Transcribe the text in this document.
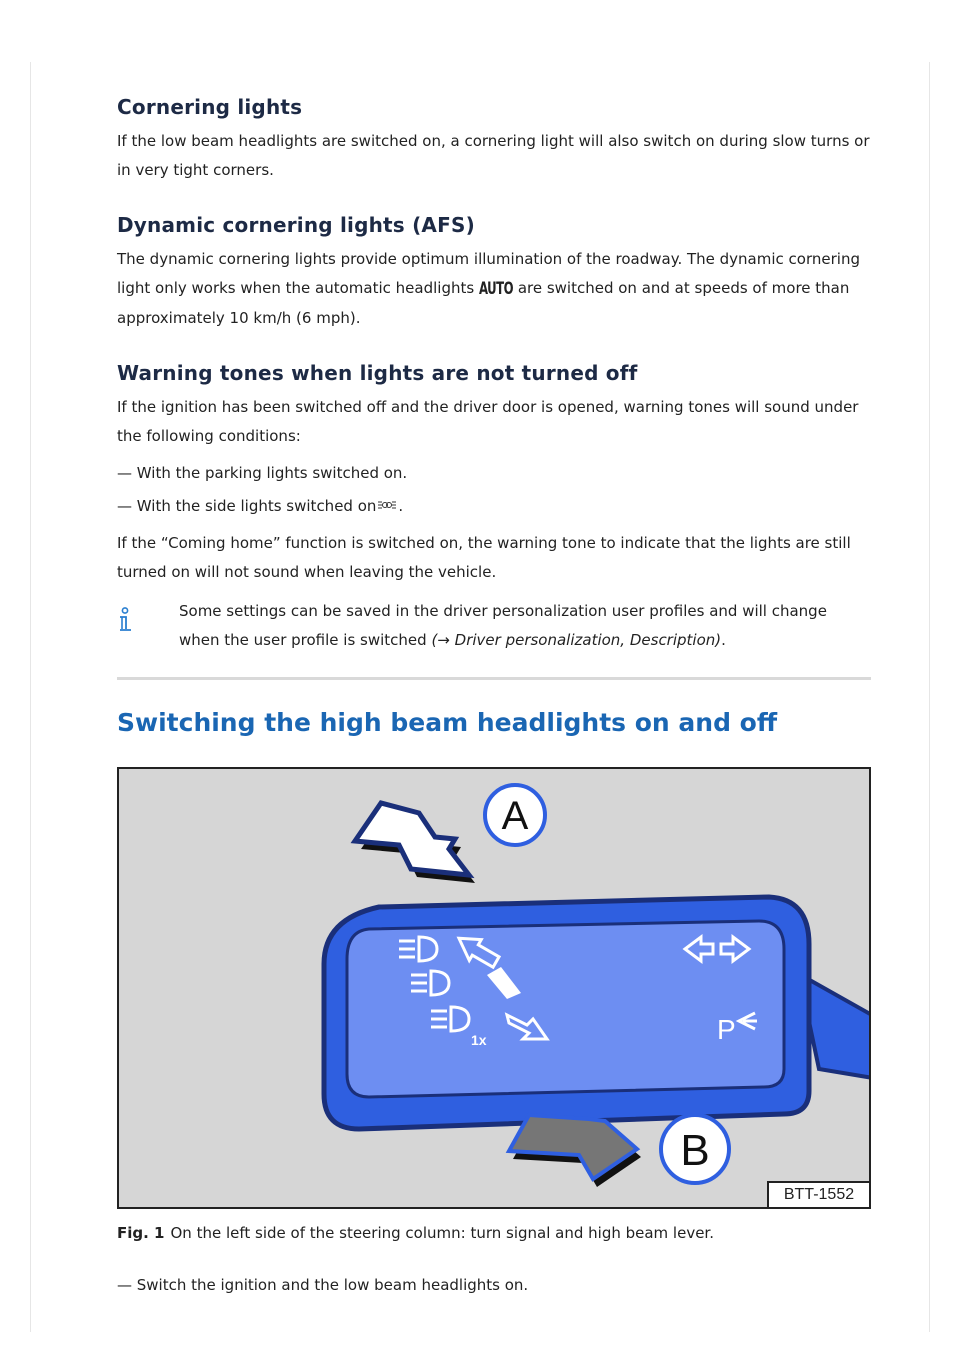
Cornering lights

If the low beam headlights are switched on, a cornering light will also switch on during slow turns or in very tight corners.

Dynamic cornering lights (AFS)

The dynamic cornering lights provide optimum illumination of the roadway. The dynamic cornering light only works when the automatic headlights AUTO are switched on and at speeds of more than approximately 10 km/h (6 mph).

Warning tones when lights are not turned off

If the ignition has been switched off and the driver door is opened, warning tones will sound under the following conditions:

— With the parking lights switched on.

— With the side lights switched on .

If the “Coming home” function is switched on, the warning tone to indicate that the lights are still turned on will not sound when leaving the vehicle.

Some settings can be saved in the driver personalization user profiles and will change when the user profile is switched (→ Driver personalization, Description).

Switching the high beam headlights on and off
A
B
1x	P
BTT-1552

Fig. 1 On the left side of the steering column: turn signal and high beam lever.

— Switch the ignition and the low beam headlights on.
